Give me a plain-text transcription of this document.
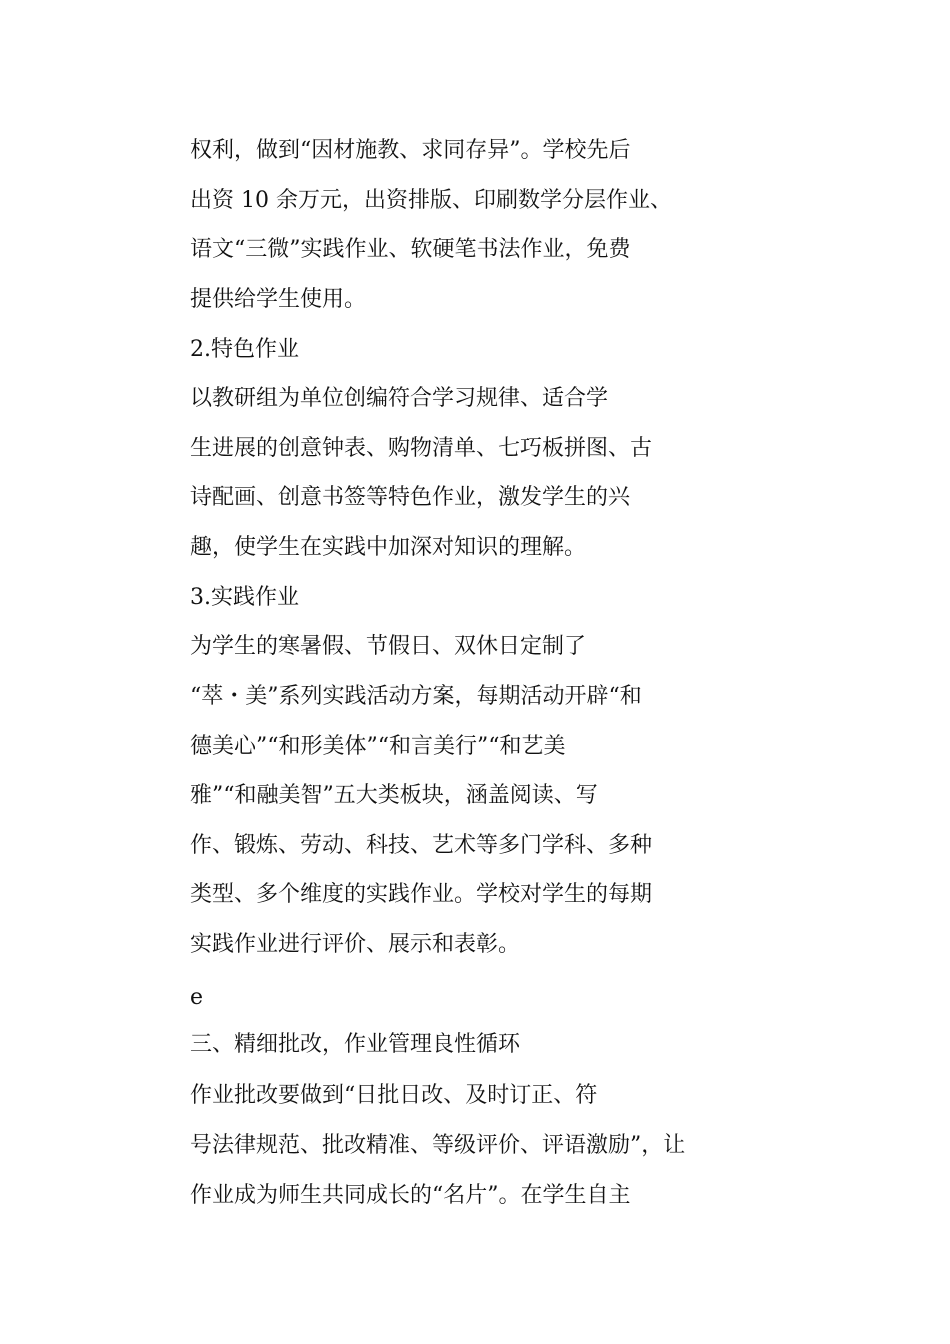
权利，做到“因材施教、求同存异”。学校先后

出资 10 余万元，出资排版、印刷数学分层作业、

语文“三微”实践作业、软硬笔书法作业，免费

提供给学生使用。

2.特色作业

以教研组为单位创编符合学习规律、适合学

生进展的创意钟表、购物清单、七巧板拼图、古

诗配画、创意书签等特色作业，激发学生的兴

趣，使学生在实践中加深对知识的理解。

3.实践作业

为学生的寒暑假、节假日、双休日定制了

“萃・美”系列实践活动方案，每期活动开辟“和

德美心”“和形美体”“和言美行”“和艺美

雅”“和融美智”五大类板块，涵盖阅读、写

作、锻炼、劳动、科技、艺术等多门学科、多种

类型、多个维度的实践作业。学校对学生的每期

实践作业进行评价、展示和表彰。

e

三、精细批改，作业管理良性循环

作业批改要做到“日批日改、及时订正、符

号法律规范、批改精准、等级评价、评语激励”，让

作业成为师生共同成长的“名片”。在学生自主
